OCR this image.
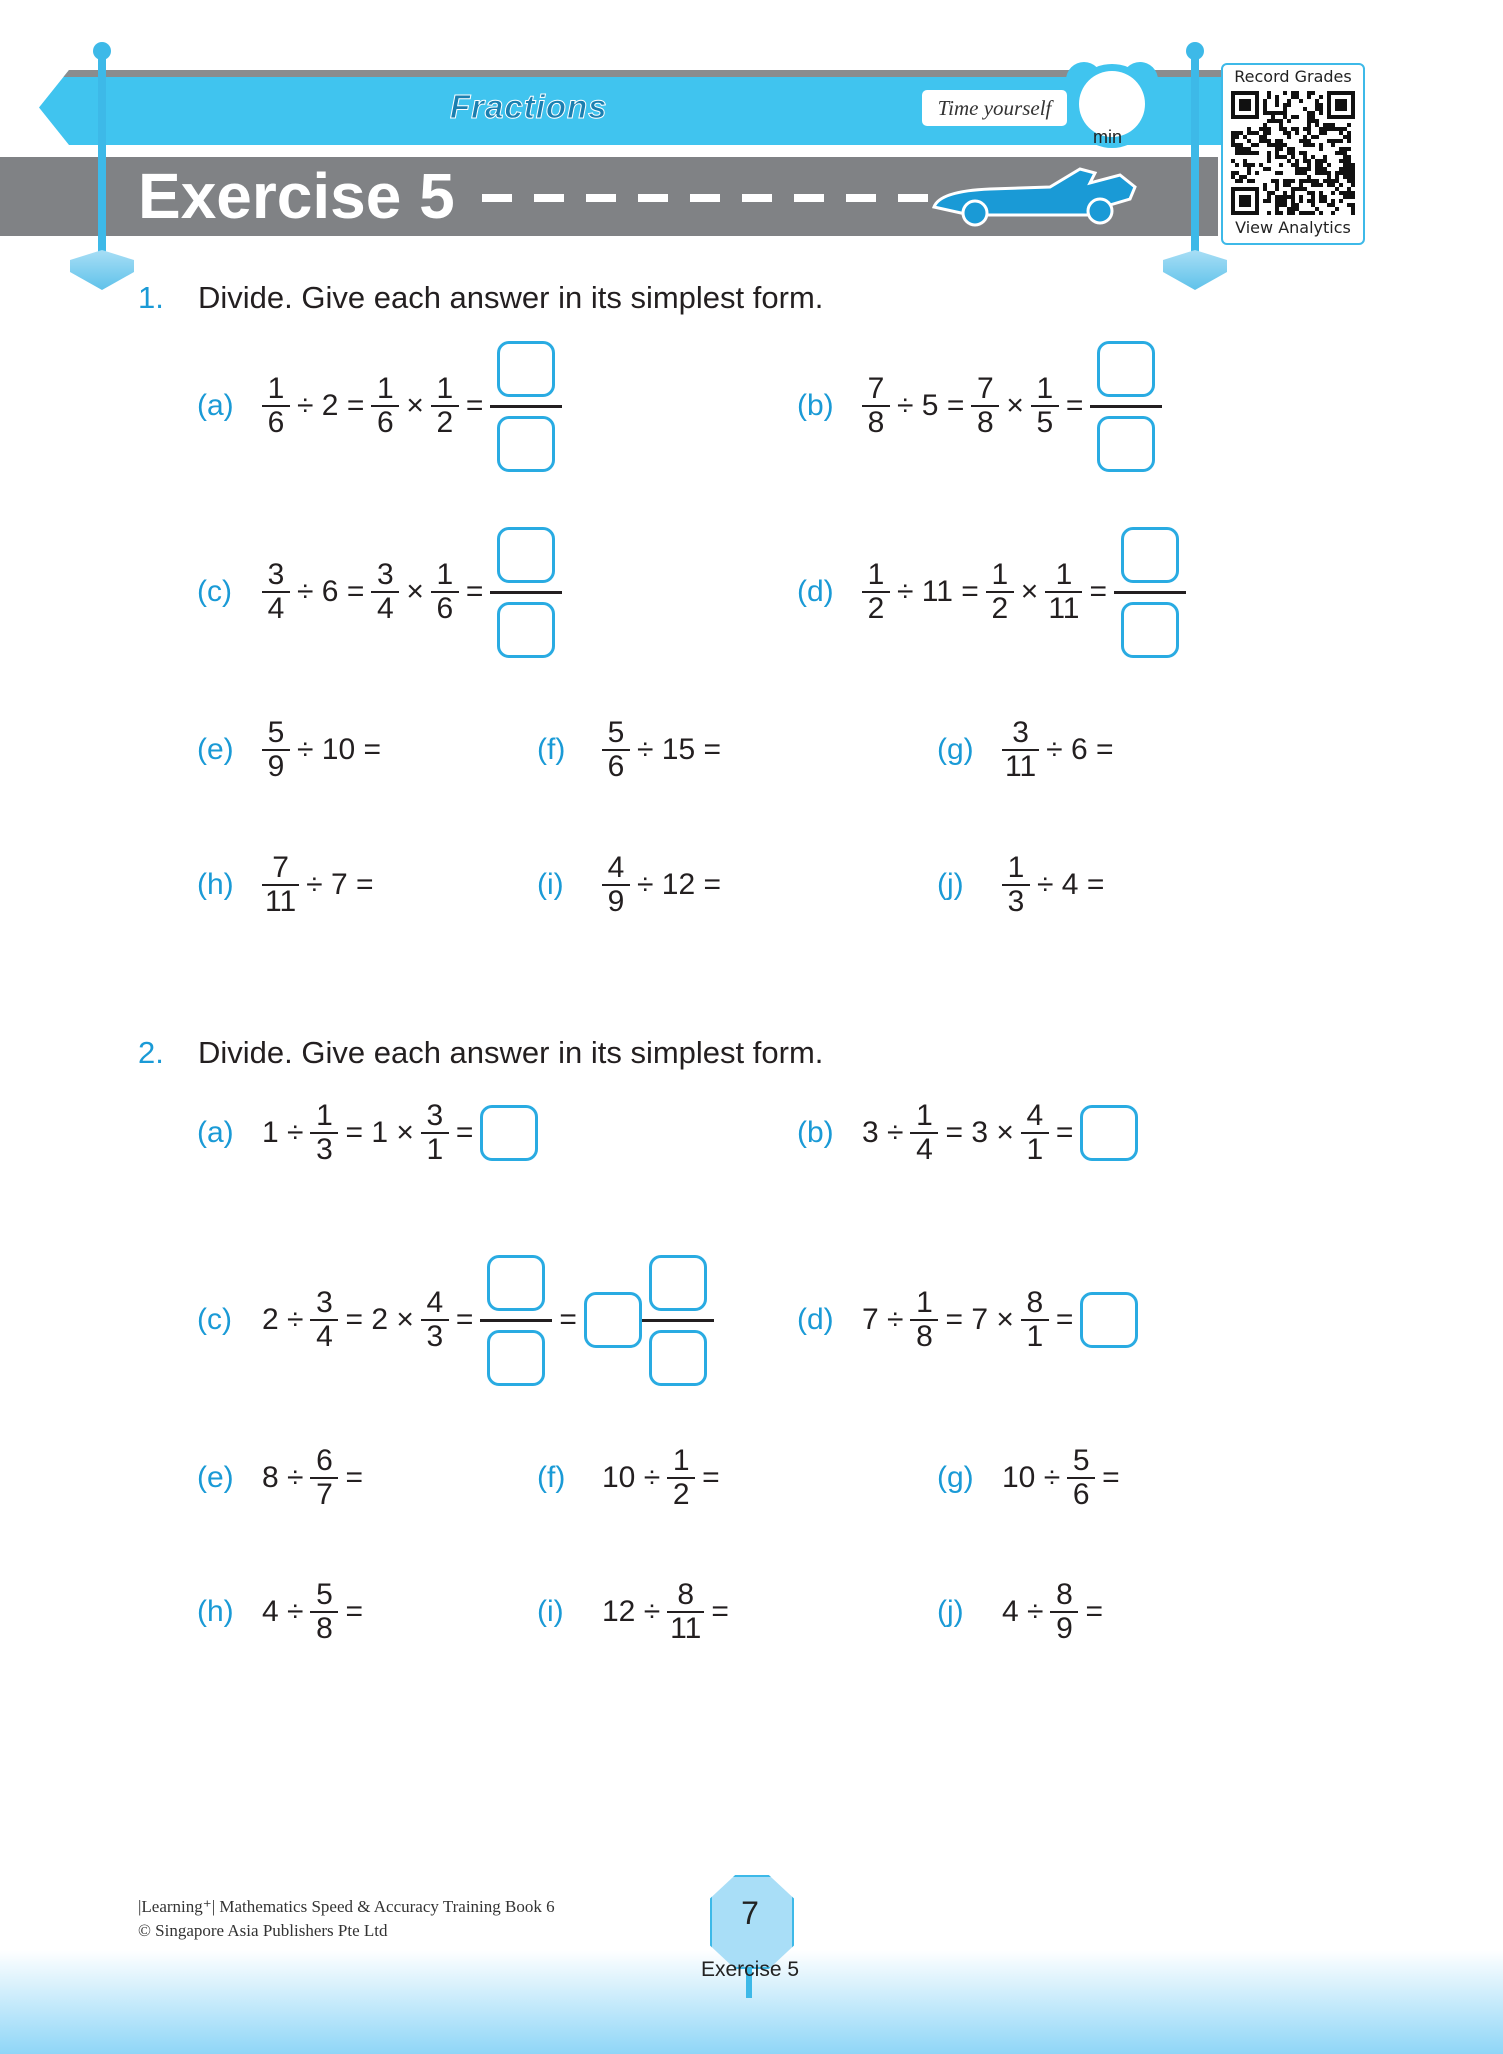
Fractions	Time yourself
min
Exercise 5
Record Grades
View Analytics
1. Divide. Give each answer in its simplest form.
$(a) \frac{1}{6} \div 2 = \frac{1}{6} \times \frac{1}{2}$ =	$(b) \frac{7}{8} \div 5 = \frac{7}{8} \times \frac{1}{5}$ =
(c)	$\frac{3}{4} \div 6 = \frac{3}{4} \times \frac{1}{6}$ =	$(d) \frac{1}{2} \div 11 = \frac{1}{2} \times \frac{1}{11}$ =
$(e) \frac{5}{9} \div 10$ =	(f)	$\frac{5}{6} \div 15$ =	$(g) \frac{3}{11} \div 6$ =
$(h) \frac{7}{11} \div 7$ =	(i)	$\frac{4}{9} \div 12$ =	(j)	$\frac{1}{3} \div 4$ =
2. Divide. Give each answer in its simplest form.
(a) $1 \div \frac{1}{3} = 1 \times \frac{3}{1}$ =	(b) $3 \div \frac{1}{4} = 3 \times \frac{4}{1}$ =
(c)	$2 \div \frac{3}{4} = 2 \times \frac{4}{3}$ =	=	(d) $7 \div \frac{1}{8} = 7 \times \frac{8}{1}$ =
(e) $8 \div \frac{6}{7}$ =	(f)	$10 \div \frac{1}{2}$ =	(g) $10 \div \frac{5}{6}$ =
(h) $4 \div \frac{5}{8}$ =	(i)	$12 \div \frac{8}{11}$ =	(j)	$4 \div \frac{8}{9}$ =
|Learning⁺| Mathematics Speed & Accuracy Training Book 6
© Singapore Asia Publishers Pte Ltd	7
Exercise 5
